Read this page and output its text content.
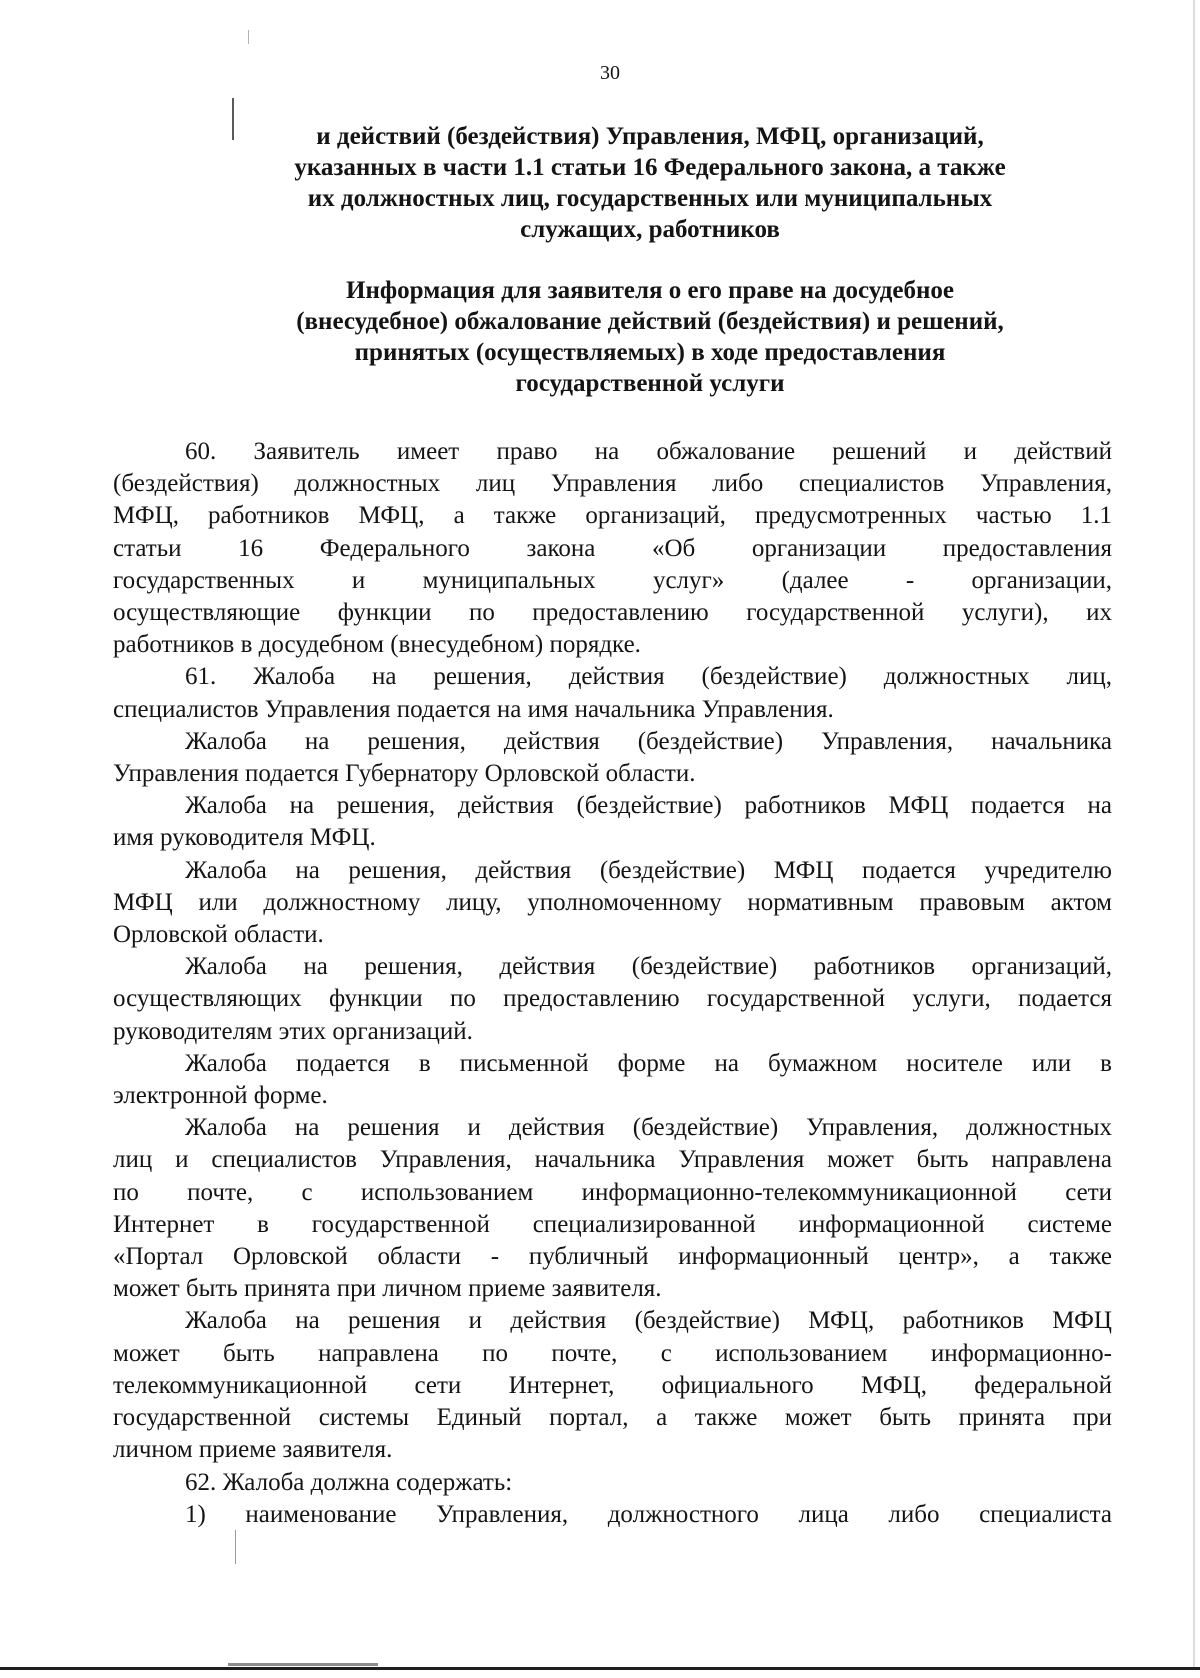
30
и действий (бездействия) Управления, МФЦ, организаций,
указанных в части 1.1 статьи 16 Федерального закона, а также
их должностных лиц, государственных или муниципальных
служащих, работников
Информация для заявителя о его праве на досудебное
(внесудебное) обжалование действий (бездействия) и решений,
принятых (осуществляемых) в ходе предоставления
государственной услуги
60. Заявитель имеет право на обжалование решений и действий
(бездействия) должностных лиц Управления либо специалистов Управления,
МФЦ, работников МФЦ, а также организаций, предусмотренных частью 1.1
статьи 16 Федерального закона «Об организации предоставления
государственных и муниципальных услуг» (далее - организации,
осуществляющие функции по предоставлению государственной услуги), их
работников в досудебном (внесудебном) порядке.
61. Жалоба на решения, действия (бездействие) должностных лиц,
специалистов Управления подается на имя начальника Управления.
Жалоба на решения, действия (бездействие) Управления, начальника
Управления подается Губернатору Орловской области.
Жалоба на решения, действия (бездействие) работников МФЦ подается на
имя руководителя МФЦ.
Жалоба на решения, действия (бездействие) МФЦ подается учредителю
МФЦ или должностному лицу, уполномоченному нормативным правовым актом
Орловской области.
Жалоба на решения, действия (бездействие) работников организаций,
осуществляющих функции по предоставлению государственной услуги, подается
руководителям этих организаций.
Жалоба подается в письменной форме на бумажном носителе или в
электронной форме.
Жалоба на решения и действия (бездействие) Управления, должностных
лиц и специалистов Управления, начальника Управления может быть направлена
по почте, с использованием информационно-телекоммуникационной сети
Интернет в государственной специализированной информационной системе
«Портал Орловской области - публичный информационный центр», а также
может быть принята при личном приеме заявителя.
Жалоба на решения и действия (бездействие) МФЦ, работников МФЦ
может быть направлена по почте, с использованием информационно-
телекоммуникационной сети Интернет, официального МФЦ, федеральной
государственной системы Единый портал, а также может быть принята при
личном приеме заявителя.
62. Жалоба должна содержать:
1) наименование Управления, должностного лица либо специалиста
